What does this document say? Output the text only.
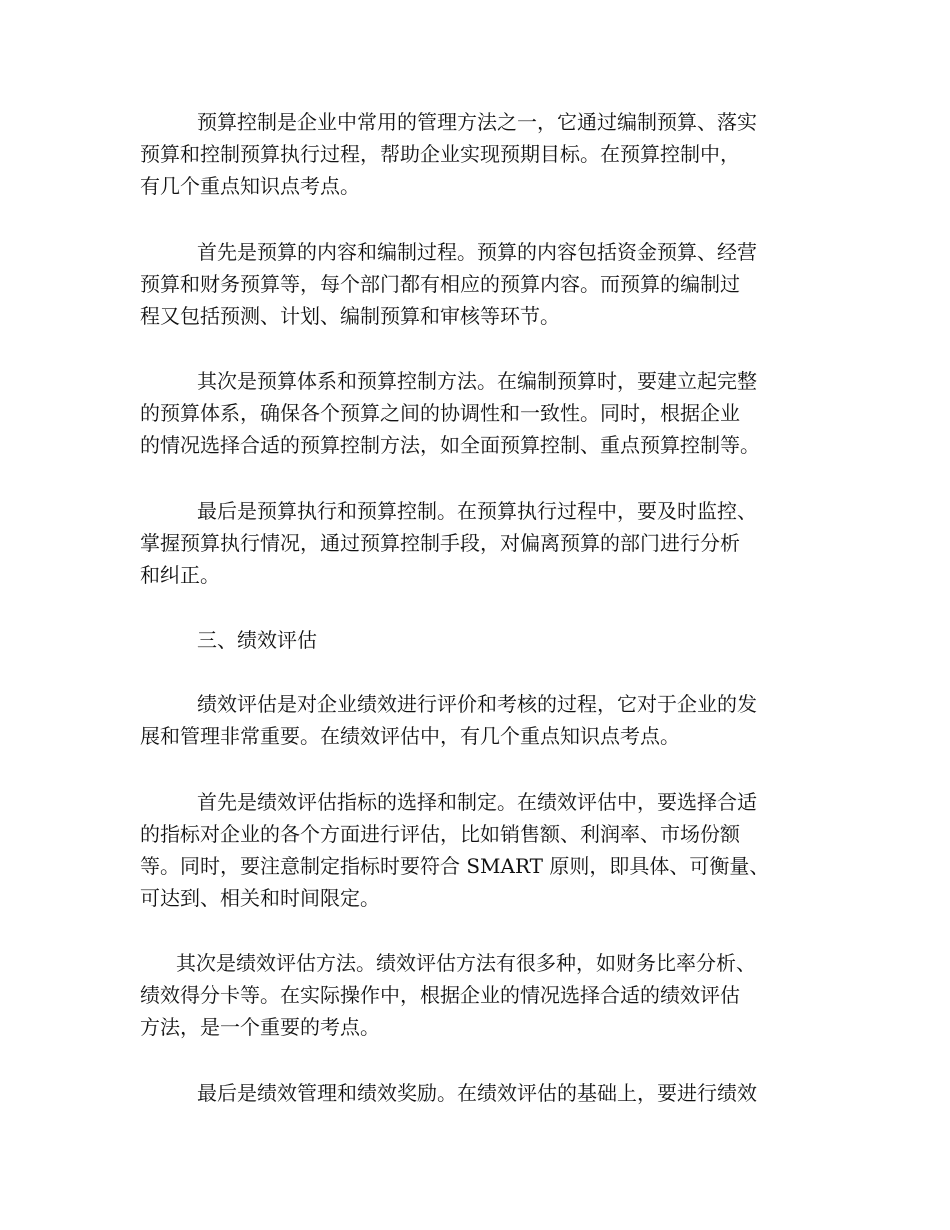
预算控制是企业中常用的管理方法之一，它通过编制预算、落实
预算和控制预算执行过程，帮助企业实现预期目标。在预算控制中，
有几个重点知识点考点。

首先是预算的内容和编制过程。预算的内容包括资金预算、经营
预算和财务预算等，每个部门都有相应的预算内容。而预算的编制过
程又包括预测、计划、编制预算和审核等环节。

其次是预算体系和预算控制方法。在编制预算时，要建立起完整
的预算体系，确保各个预算之间的协调性和一致性。同时，根据企业
的情况选择合适的预算控制方法，如全面预算控制、重点预算控制等。

最后是预算执行和预算控制。在预算执行过程中，要及时监控、
掌握预算执行情况，通过预算控制手段，对偏离预算的部门进行分析
和纠正。

三、绩效评估

绩效评估是对企业绩效进行评价和考核的过程，它对于企业的发
展和管理非常重要。在绩效评估中，有几个重点知识点考点。

首先是绩效评估指标的选择和制定。在绩效评估中，要选择合适
的指标对企业的各个方面进行评估，比如销售额、利润率、市场份额
等。同时，要注意制定指标时要符合 SMART 原则，即具体、可衡量、
可达到、相关和时间限定。

其次是绩效评估方法。绩效评估方法有很多种，如财务比率分析、
绩效得分卡等。在实际操作中，根据企业的情况选择合适的绩效评估
方法，是一个重要的考点。

最后是绩效管理和绩效奖励。在绩效评估的基础上，要进行绩效
